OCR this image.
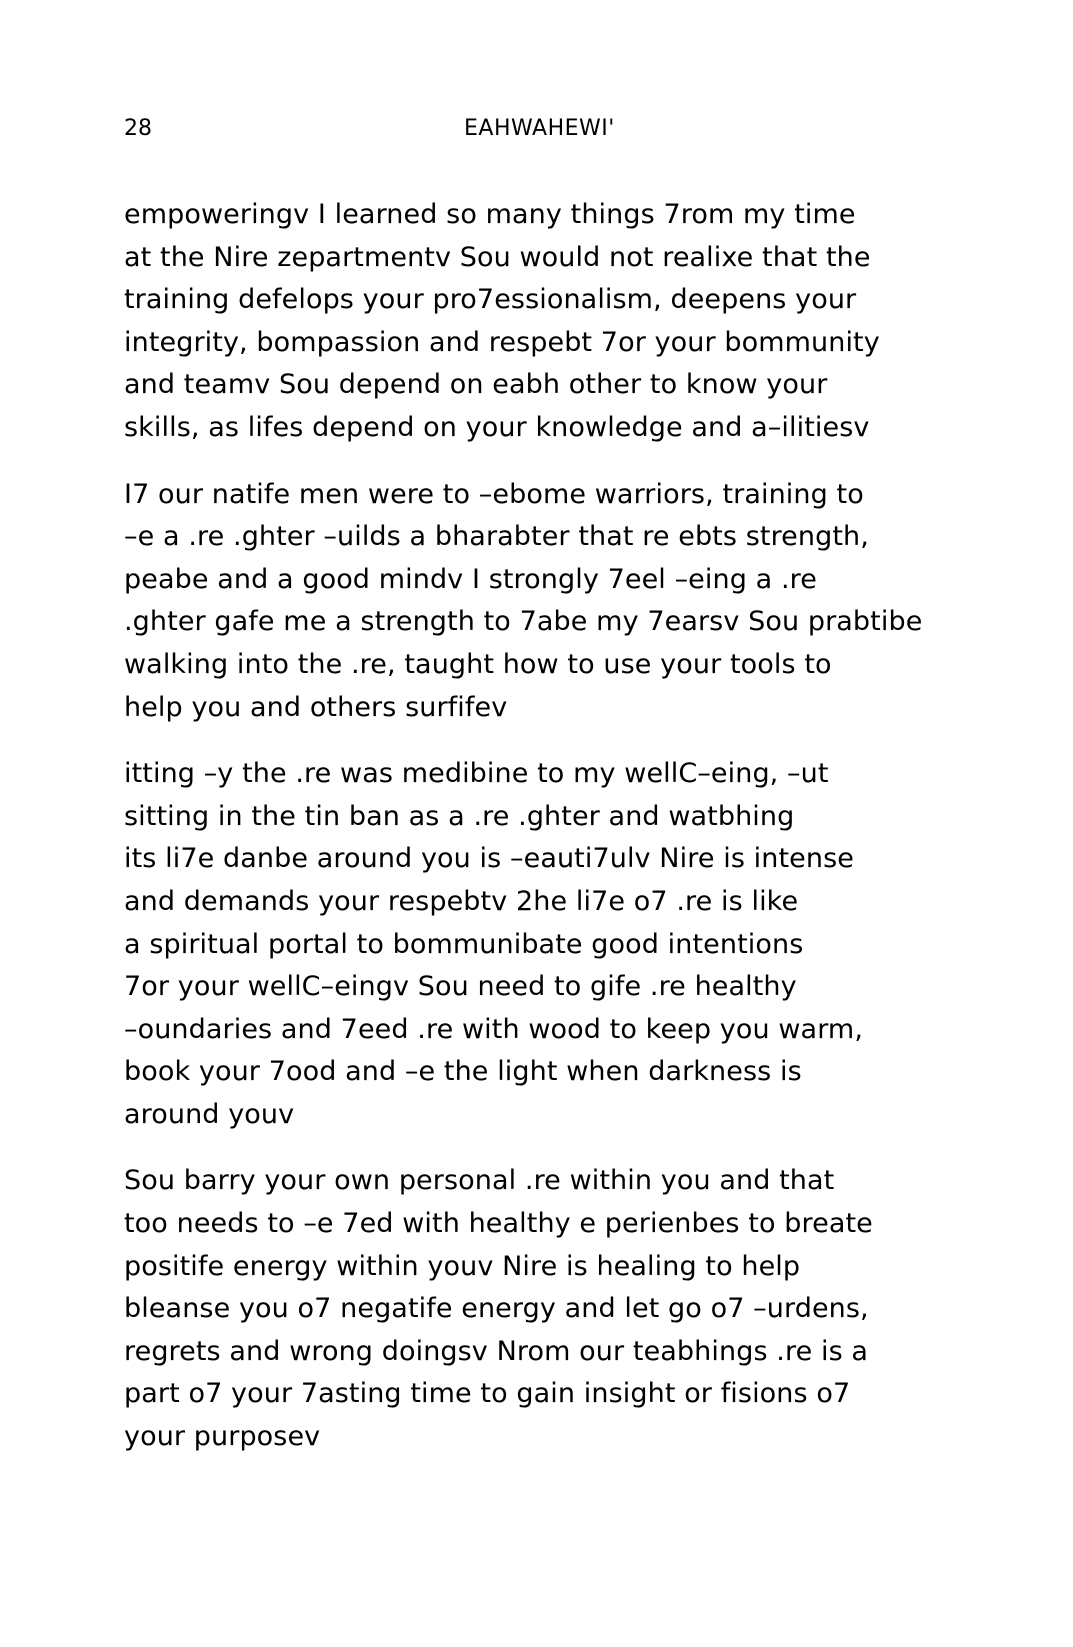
28	EAHWAHEWI'

empoweringv I learned so many things 7rom my time
at the Nire zepartmentv Sou would not realixe that the
training defelops your pro7essionalism, deepens your
integrity, bompassion and respebt 7or your bommunity
and teamv Sou depend on eabh other to know your
skills, as lifes depend on your knowledge and a–ilitiesv

I7 our natife men were to –ebome warriors, training to
–e a .re .ghter –uilds a bharabter that re ebts strength,
peabe and a good mindv I strongly 7eel –eing a .re
.ghter gafe me a strength to 7abe my 7earsv Sou prabtibe
walking into the .re, taught how to use your tools to
help you and others surfifev

itting –y the .re was medibine to my wellC–eing, –ut
sitting in the tin ban as a .re .ghter and watbhing
its li7e danbe around you is –eauti7ulv Nire is intense
and demands your respebtv 2he li7e o7 .re is like
a spiritual portal to bommunibate good intentions
7or your wellC–eingv Sou need to gife .re healthy
–oundaries and 7eed .re with wood to keep you warm,
book your 7ood and –e the light when darkness is
around youv

Sou barry your own personal .re within you and that
too needs to –e 7ed with healthy e perienbes to breate
positife energy within youv Nire is healing to help
bleanse you o7 negatife energy and let go o7 –urdens,
regrets and wrong doingsv Nrom our teabhings .re is a
part o7 your 7asting time to gain insight or fisions o7
your purposev
